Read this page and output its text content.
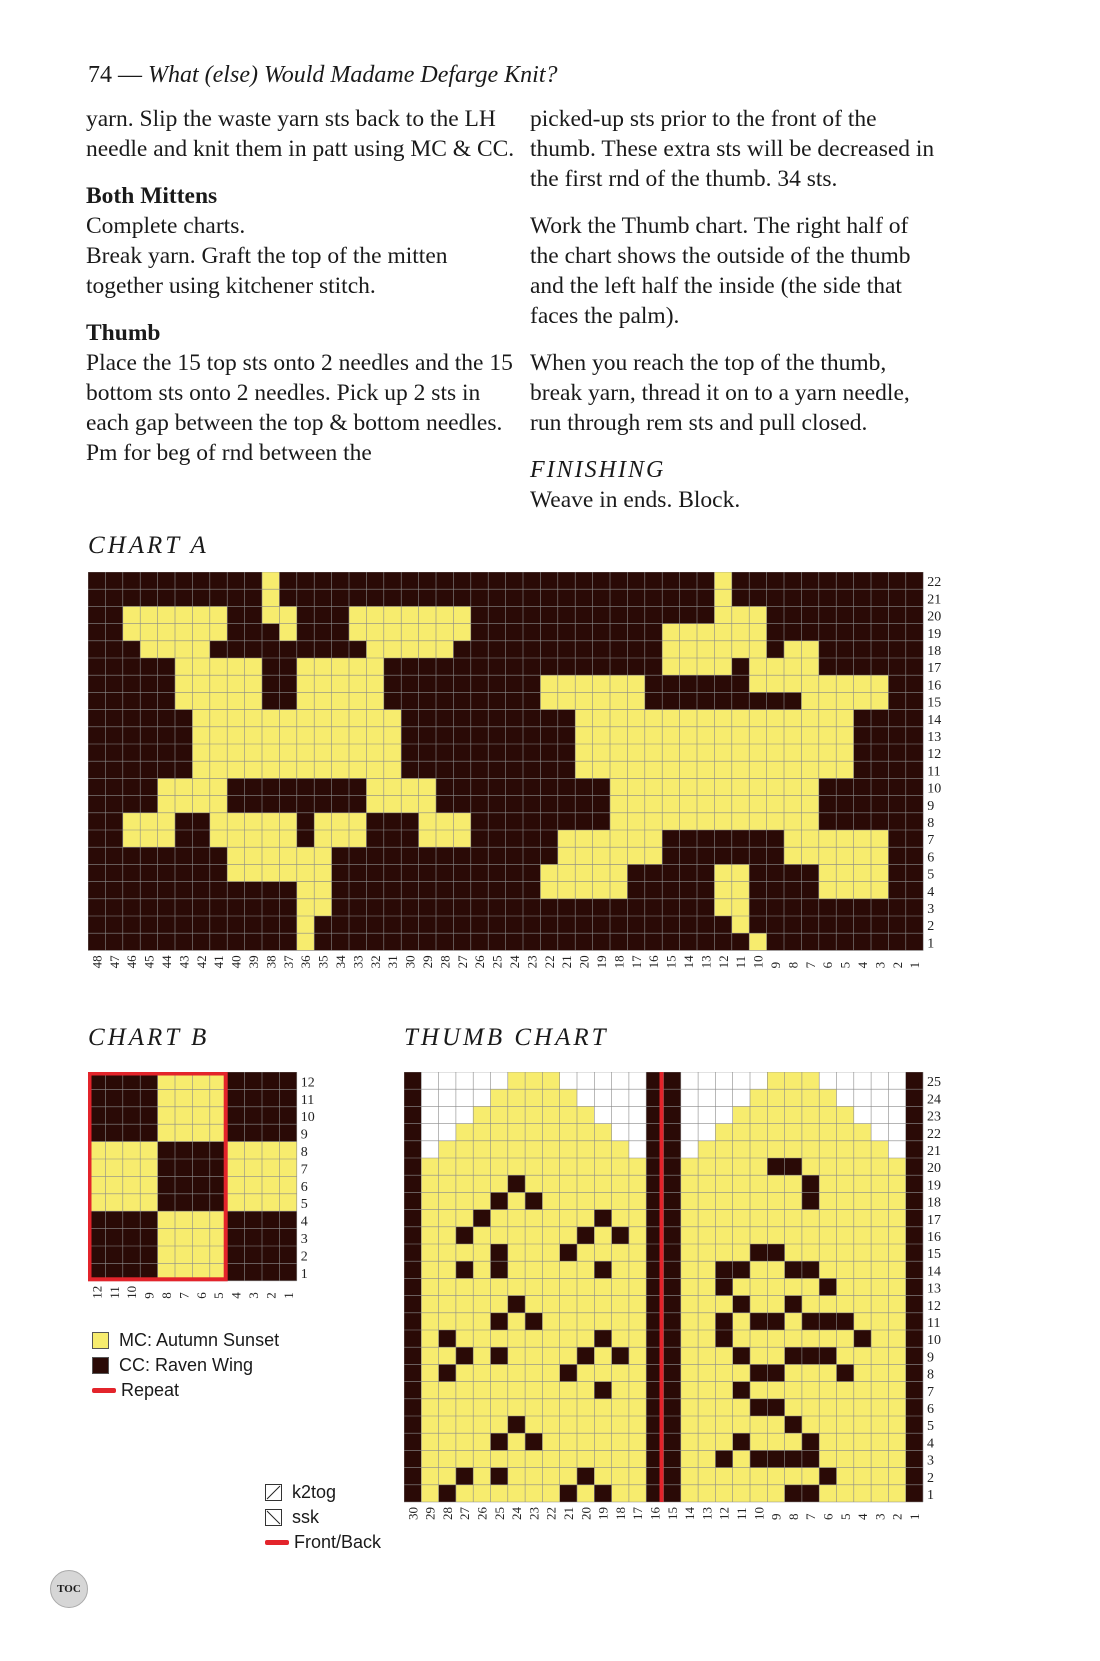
74 — What (else) Would Madame Defarge Knit?

yarn. Slip the waste yarn sts back to the LH needle and knit them in patt using MC & CC.

Both Mittens
Complete charts.
Break yarn. Graft the top of the mitten together using kitchener stitch.

Thumb
Place the 15 top sts onto 2 needles and the 15 bottom sts onto 2 needles. Pick up 2 sts in each gap between the top & bottom needles. Pm for beg of rnd between the

picked-up sts prior to the front of the thumb. These extra sts will be decreased in the first rnd of the thumb. 34 sts.

Work the Thumb chart. The right half of the chart shows the outside of the thumb and the left half the inside (the side that faces the palm).

When you reach the top of the thumb, break yarn, thread it on to a yarn needle, run through rem sts and pull closed.

FINISHING
Weave in ends. Block.

CHART A
CHART B	THUMB CHART
1
2
3
4
5
6
7
8
9
10
11
12
13
14
15
16
17
18
19
20
21
22
1
2
3
4
5
6
7
8
9
10
11
12
13
14
15
16
17
18
19
20
21
22
23
24
25
26
27
28
29
30
31
32
33
34
35
36
37
38
39
40
41
42
43
44
45
46
47
48
1
2
3
4
5
6
7
8
9
10
11
12
1
2
3
4
5
6
7
8
9
10
11
12
1
2
3
4
5
6
7
8
9
10
11
12
13
14
15
16
17
18
19
20
21
22
23
24
25
1
2
3
4
5
6
7
8
9
10
11
12
13
14
15
16
17
18
19
20
21
22
23
24
25
26
27
28
29
30
MC: Autumn Sunset
CC: Raven Wing
Repeat
k2tog
ssk
Front/Back
TOC
